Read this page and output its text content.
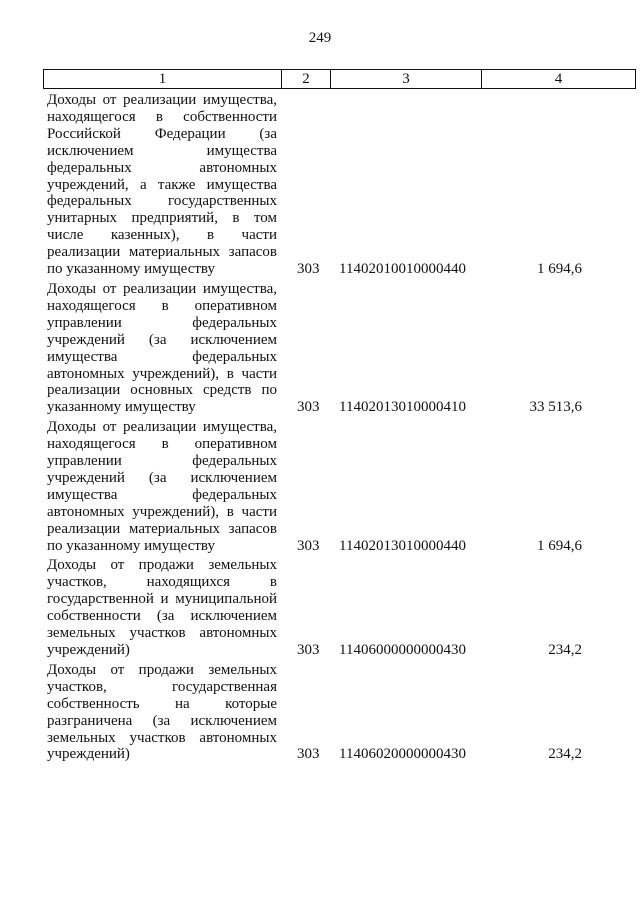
249
1	2	3	4
Доходы от реализации имущества, находящегося в собственности Российской Федерации (за исключением имущества федеральных автономных учреждений, а также имущества федеральных государственных унитарных предприятий, в том числе казенных), в части реализации материальных запасов по указанному имуществу	303 11402010010000440	1 694,6
Доходы от реализации имущества, находящегося в оперативном управлении федеральных учреждений (за исключением имущества федеральных автономных учреждений), в части реализации основных средств по указанному имуществу	303 11402013010000410	33 513,6
Доходы от реализации имущества, находящегося в оперативном управлении федеральных учреждений (за исключением имущества федеральных автономных учреждений), в части реализации материальных запасов по указанному имуществу	303 11402013010000440	1 694,6
Доходы от продажи земельных участков, находящихся в государственной и муниципальной собственности (за исключением земельных участков автономных учреждений)	303 11406000000000430	234,2
Доходы от продажи земельных участков, государственная собственность на которые разграничена (за исключением земельных участков автономных учреждений)	303 11406020000000430	234,2
